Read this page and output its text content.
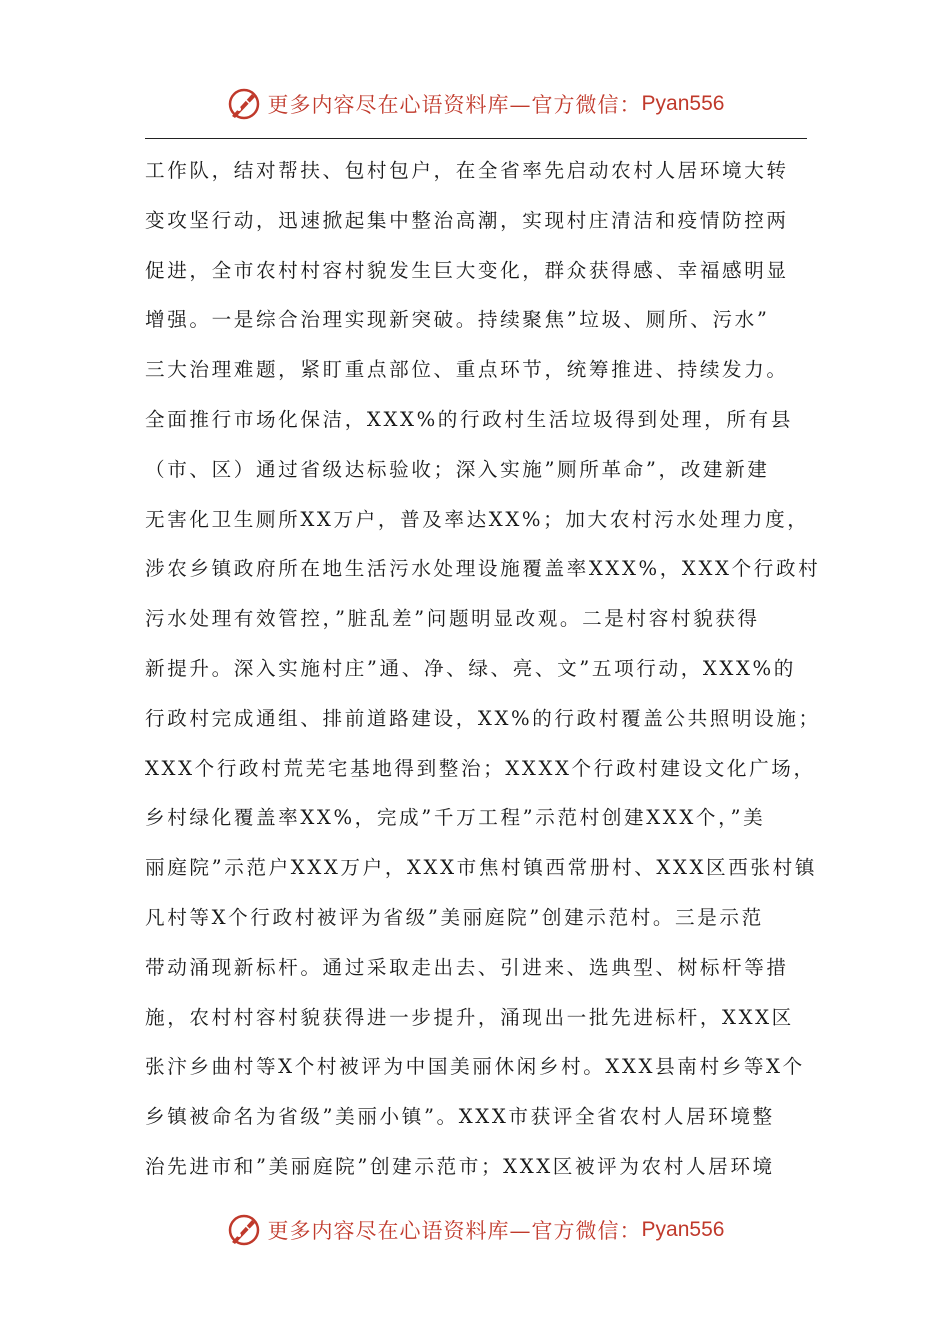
更多内容尽在心语资料库—官方微信： Pyan556
工作队，结对帮扶、包村包户，在全省率先启动农村人居环境大转
变攻坚行动，迅速掀起集中整治高潮，实现村庄清洁和疫情防控两
促进，全市农村村容村貌发生巨大变化，群众获得感、幸福感明显
增强。一是综合治理实现新突破。持续聚焦”垃圾、厕所、污水”
三大治理难题，紧盯重点部位、重点环节，统筹推进、持续发力。
全面推行市场化保洁，XXX%的行政村生活垃圾得到处理，所有县
（市、区）通过省级达标验收；深入实施”厕所革命”，改建新建
无害化卫生厕所XX万户，普及率达XX%；加大农村污水处理力度，
涉农乡镇政府所在地生活污水处理设施覆盖率XXX%，XXX个行政村
污水处理有效管控，”脏乱差”问题明显改观。二是村容村貌获得
新提升。深入实施村庄”通、净、绿、亮、文”五项行动，XXX%的
行政村完成通组、排前道路建设，XX%的行政村覆盖公共照明设施；
XXX个行政村荒芜宅基地得到整治；XXXX个行政村建设文化广场，
乡村绿化覆盖率XX%，完成”千万工程”示范村创建XXX个，”美
丽庭院”示范户XXX万户，XXX市焦村镇西常册村、XXX区西张村镇
凡村等X个行政村被评为省级”美丽庭院”创建示范村。三是示范
带动涌现新标杆。通过采取走出去、引进来、选典型、树标杆等措
施，农村村容村貌获得进一步提升，涌现出一批先进标杆，XXX区
张汴乡曲村等X个村被评为中国美丽休闲乡村。XXX县南村乡等X个
乡镇被命名为省级”美丽小镇”。XXX市获评全省农村人居环境整
治先进市和”美丽庭院”创建示范市；XXX区被评为农村人居环境
更多内容尽在心语资料库—官方微信： Pyan556
